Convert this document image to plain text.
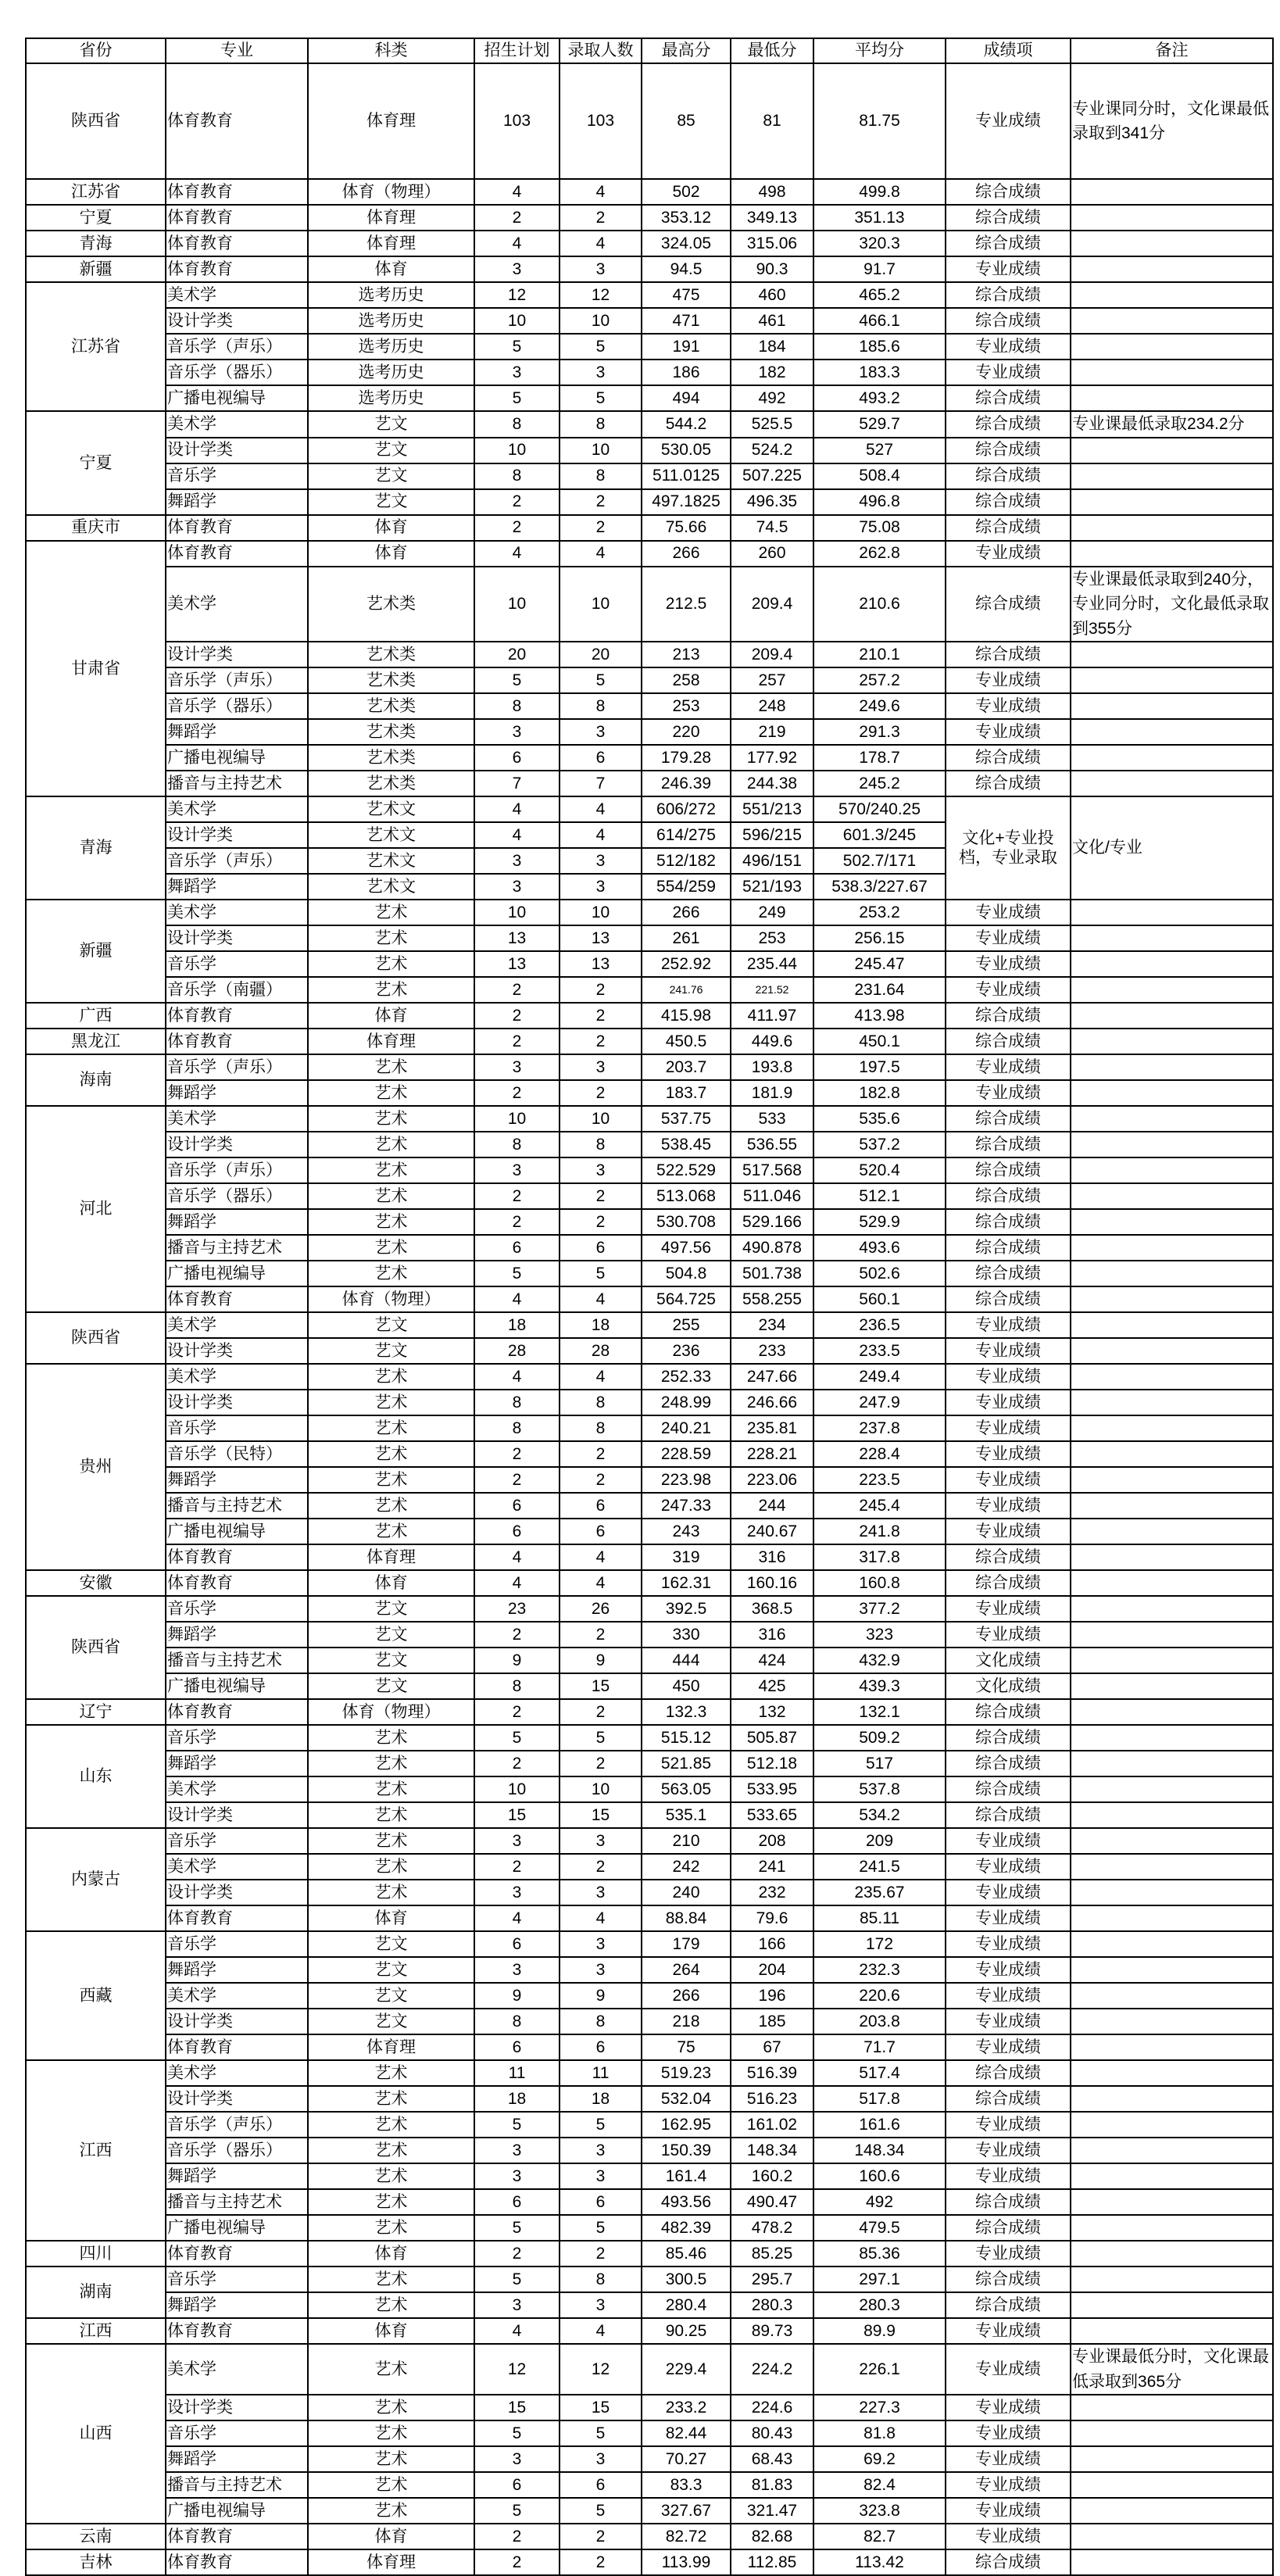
省份	专业	科类	招生计划	录取人数	最高分	最低分	平均分	成绩项	备注
陕西省	体育教育	体育理	103	103	85	81	81.75	专业成绩	专业课同分时，文化课最低录取到341分
江苏省	体育教育	体育（物理）	4	4	502	498	499.8	综合成绩	
宁夏	体育教育	体育理	2	2	353.12	349.13	351.13	综合成绩	
青海	体育教育	体育理	4	4	324.05	315.06	320.3	综合成绩	
新疆	体育教育	体育	3	3	94.5	90.3	91.7	专业成绩	
江苏省	美术学	选考历史	12	12	475	460	465.2	综合成绩	
	设计学类	选考历史	10	10	471	461	466.1	综合成绩	
	音乐学（声乐）	选考历史	5	5	191	184	185.6	专业成绩	
	音乐学（器乐）	选考历史	3	3	186	182	183.3	专业成绩	
	广播电视编导	选考历史	5	5	494	492	493.2	综合成绩	
宁夏	美术学	艺文	8	8	544.2	525.5	529.7	综合成绩	专业课最低录取234.2分
	设计学类	艺文	10	10	530.05	524.2	527	综合成绩	
	音乐学	艺文	8	8	511.0125	507.225	508.4	综合成绩	
	舞蹈学	艺文	2	2	497.1825	496.35	496.8	综合成绩	
重庆市	体育教育	体育	2	2	75.66	74.5	75.08	综合成绩	
甘肃省	体育教育	体育	4	4	266	260	262.8	专业成绩	
	美术学	艺术类	10	10	212.5	209.4	210.6	综合成绩	专业课最低录取到240分，专业同分时，文化最低录取到355分
	设计学类	艺术类	20	20	213	209.4	210.1	综合成绩	
	音乐学（声乐）	艺术类	5	5	258	257	257.2	专业成绩	
	音乐学（器乐）	艺术类	8	8	253	248	249.6	专业成绩	
	舞蹈学	艺术类	3	3	220	219	291.3	专业成绩	
	广播电视编导	艺术类	6	6	179.28	177.92	178.7	综合成绩	
	播音与主持艺术	艺术类	7	7	246.39	244.38	245.2	综合成绩	
青海	美术学	艺术文	4	4	606/272	551/213	570/240.25	文化+专业投档，专业录取	文化/专业
	设计学类	艺术文	4	4	614/275	596/215	601.3/245		
	音乐学（声乐）	艺术文	3	3	512/182	496/151	502.7/171		
	舞蹈学	艺术文	3	3	554/259	521/193	538.3/227.67		
新疆	美术学	艺术	10	10	266	249	253.2	专业成绩	
	设计学类	艺术	13	13	261	253	256.15	专业成绩	
	音乐学	艺术	13	13	252.92	235.44	245.47	专业成绩	
	音乐学（南疆）	艺术	2	2	241.76	221.52	231.64	专业成绩	
广西	体育教育	体育	2	2	415.98	411.97	413.98	综合成绩	
黑龙江	体育教育	体育理	2	2	450.5	449.6	450.1	综合成绩	
海南	音乐学（声乐）	艺术	3	3	203.7	193.8	197.5	专业成绩	
	舞蹈学	艺术	2	2	183.7	181.9	182.8	专业成绩	
河北	美术学	艺术	10	10	537.75	533	535.6	综合成绩	
	设计学类	艺术	8	8	538.45	536.55	537.2	综合成绩	
	音乐学（声乐）	艺术	3	3	522.529	517.568	520.4	综合成绩	
	音乐学（器乐）	艺术	2	2	513.068	511.046	512.1	综合成绩	
	舞蹈学	艺术	2	2	530.708	529.166	529.9	综合成绩	
	播音与主持艺术	艺术	6	6	497.56	490.878	493.6	综合成绩	
	广播电视编导	艺术	5	5	504.8	501.738	502.6	综合成绩	
	体育教育	体育（物理）	4	4	564.725	558.255	560.1	综合成绩	
陕西省	美术学	艺文	18	18	255	234	236.5	专业成绩	
	设计学类	艺文	28	28	236	233	233.5	专业成绩	
贵州	美术学	艺术	4	4	252.33	247.66	249.4	专业成绩	
	设计学类	艺术	8	8	248.99	246.66	247.9	专业成绩	
	音乐学	艺术	8	8	240.21	235.81	237.8	专业成绩	
	音乐学（民特）	艺术	2	2	228.59	228.21	228.4	专业成绩	
	舞蹈学	艺术	2	2	223.98	223.06	223.5	专业成绩	
	播音与主持艺术	艺术	6	6	247.33	244	245.4	专业成绩	
	广播电视编导	艺术	6	6	243	240.67	241.8	专业成绩	
	体育教育	体育理	4	4	319	316	317.8	综合成绩	
安徽	体育教育	体育	4	4	162.31	160.16	160.8	综合成绩	
陕西省	音乐学	艺文	23	26	392.5	368.5	377.2	专业成绩	
	舞蹈学	艺文	2	2	330	316	323	专业成绩	
	播音与主持艺术	艺文	9	9	444	424	432.9	文化成绩	
	广播电视编导	艺文	8	15	450	425	439.3	文化成绩	
辽宁	体育教育	体育（物理）	2	2	132.3	132	132.1	综合成绩	
山东	音乐学	艺术	5	5	515.12	505.87	509.2	综合成绩	
	舞蹈学	艺术	2	2	521.85	512.18	517	综合成绩	
	美术学	艺术	10	10	563.05	533.95	537.8	综合成绩	
	设计学类	艺术	15	15	535.1	533.65	534.2	综合成绩	
内蒙古	音乐学	艺术	3	3	210	208	209	专业成绩	
	美术学	艺术	2	2	242	241	241.5	专业成绩	
	设计学类	艺术	3	3	240	232	235.67	专业成绩	
	体育教育	体育	4	4	88.84	79.6	85.11	专业成绩	
西藏	音乐学	艺文	6	3	179	166	172	专业成绩	
	舞蹈学	艺文	3	3	264	204	232.3	专业成绩	
	美术学	艺文	9	9	266	196	220.6	专业成绩	
	设计学类	艺文	8	8	218	185	203.8	专业成绩	
	体育教育	体育理	6	6	75	67	71.7	专业成绩	
江西	美术学	艺术	11	11	519.23	516.39	517.4	综合成绩	
	设计学类	艺术	18	18	532.04	516.23	517.8	综合成绩	
	音乐学（声乐）	艺术	5	5	162.95	161.02	161.6	专业成绩	
	音乐学（器乐）	艺术	3	3	150.39	148.34	148.34	专业成绩	
	舞蹈学	艺术	3	3	161.4	160.2	160.6	专业成绩	
	播音与主持艺术	艺术	6	6	493.56	490.47	492	综合成绩	
	广播电视编导	艺术	5	5	482.39	478.2	479.5	综合成绩	
四川	体育教育	体育	2	2	85.46	85.25	85.36	专业成绩	
湖南	音乐学	艺术	5	8	300.5	295.7	297.1	综合成绩	
	舞蹈学	艺术	3	3	280.4	280.3	280.3	综合成绩	
江西	体育教育	体育	4	4	90.25	89.73	89.9	专业成绩	
山西	美术学	艺术	12	12	229.4	224.2	226.1	专业成绩	专业课最低分时，文化课最低录取到365分
	设计学类	艺术	15	15	233.2	224.6	227.3	专业成绩	
	音乐学	艺术	5	5	82.44	80.43	81.8	专业成绩	
	舞蹈学	艺术	3	3	70.27	68.43	69.2	专业成绩	
	播音与主持艺术	艺术	6	6	83.3	81.83	82.4	专业成绩	
	广播电视编导	艺术	5	5	327.67	321.47	323.8	专业成绩	
云南	体育教育	体育	2	2	82.72	82.68	82.7	专业成绩	
吉林	体育教育	体育理	2	2	113.99	112.85	113.42	综合成绩	
